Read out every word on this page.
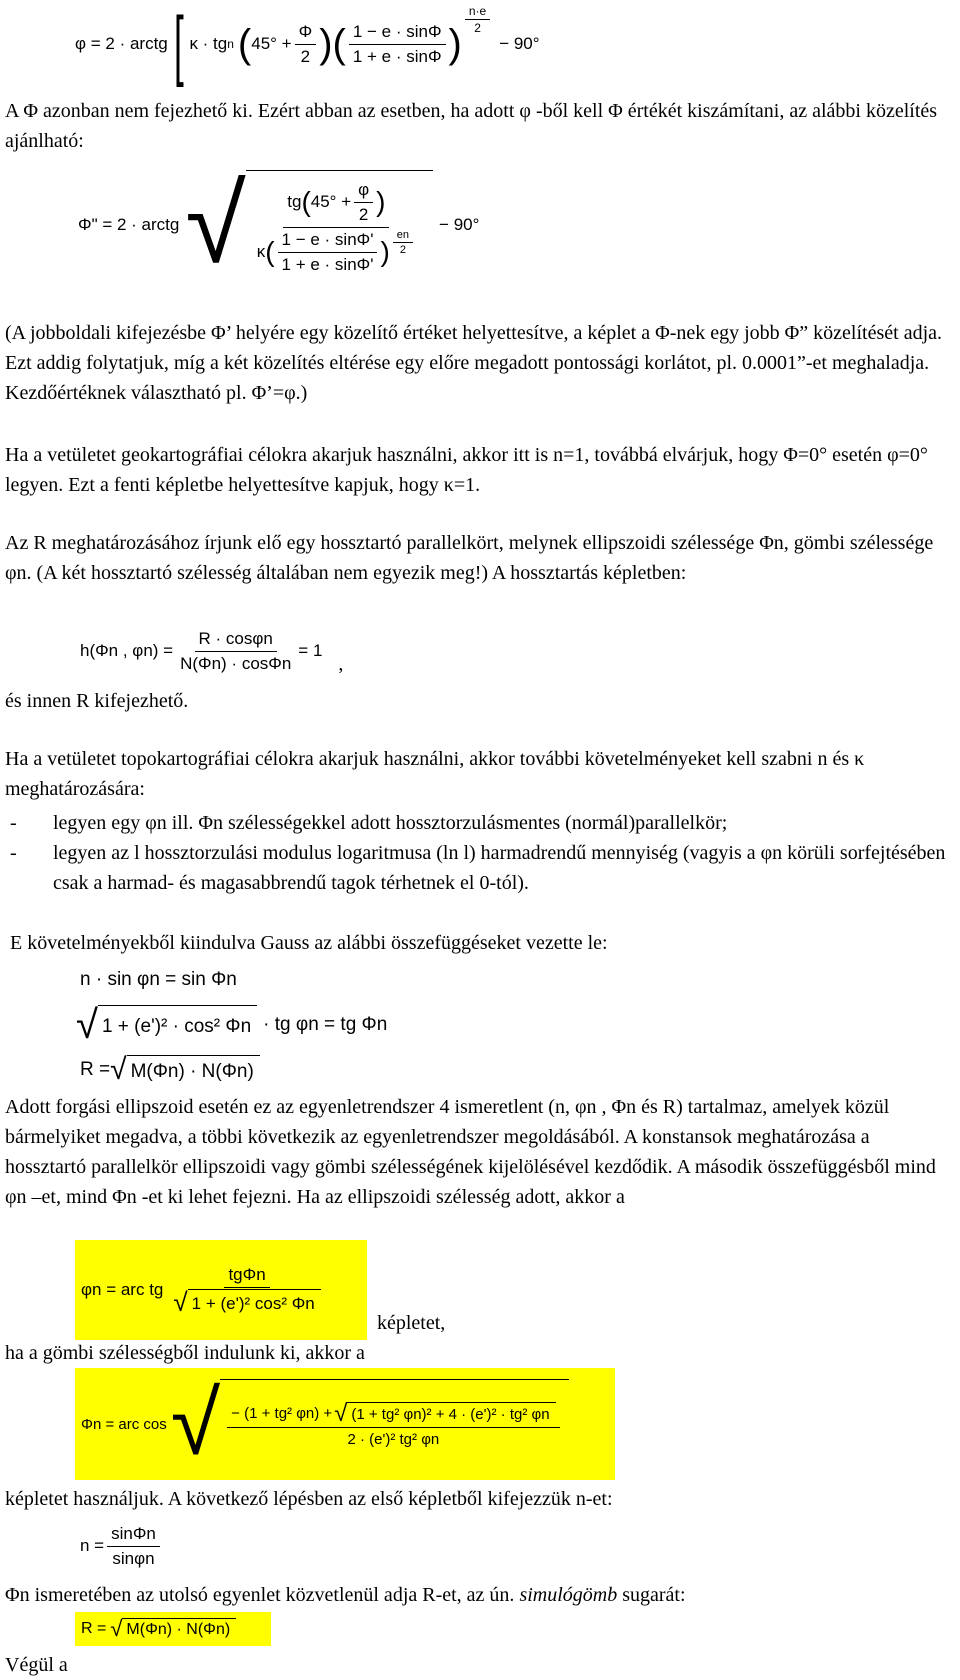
φ = 2 · arctg [ κ · tg n ( $45^\circ + \frac{\Phi}{2}$ ) ( $\frac{1 - e \cdot \sin\Phi}{1 + e \cdot \sin\Phi}$ )
$\frac{n\cdot e}{2}$
− 90°
A Φ azonban nem fejezhető ki. Ezért abban az esetben, ha adott φ -ből kell Φ értékét kiszámítani, az alábbi közelítés ajánlható:
Φ" = 2 · arctg √ tg ( $45^\circ + \frac{\varphi}{2}$ )
κ ( $\frac{1 - e \cdot \sin\Phi'}{1 + e \cdot \sin\Phi'}$ ) $\frac{en}{2}$
− 90°
(A jobboldali kifejezésbe Φ’ helyére egy közelítő értéket helyettesítve, a képlet a Φ-nek egy jobb Φ” közelítését adja. Ezt addig folytatjuk, míg a két közelítés eltérése egy előre megadott pontossági korlátot, pl. 0.0001”-et meghaladja. Kezdőértéknek választható pl. Φ’=φ.)
Ha a vetületet geokartográfiai célokra akarjuk használni, akkor itt is n=1, továbbá elvárjuk, hogy Φ=0° esetén φ=0° legyen. Ezt a fenti képletbe helyettesítve kapjuk, hogy κ=1.
Az R meghatározásához írjunk elő egy hossztartó parallelkört, melynek ellipszoidi szélessége Φn, gömbi szélessége φn. (A két hossztartó szélesség általában nem egyezik meg!) A hossztartás képletben:
h(Φn , $\varphi n) = \frac{R \cdot \cos\varphi n}{N(\Phi n) \cdot \cos\Phi n} = 1$
,
és innen R kifejezhető.
Ha a vetületet topokartográfiai célokra akarjuk használni, akkor további követelményeket kell szabni n és κ meghatározására:
- legyen egy φn ill. Φn szélességekkel adott hossztorzulásmentes (normál)parallelkör;
- legyen az l hossztorzulási modulus logaritmusa (ln l) harmadrendű mennyiség (vagyis a φn körüli sorfejtésében csak a harmad- és magasabbrendű tagok térhetnek el 0-tól).
E követelményekből kiindulva Gauss az alábbi összefüggéseket vezette le:
n · sin φn = sin Φn
√ 1 + (e')² · cos² Φn · tg φn = tg Φn
R = √ M(Φn) · N(Φn)
Adott forgási ellipszoid esetén ez az egyenletrendszer 4 ismeretlent (n, φn , Φn és R) tartalmaz, amelyek közül bármelyiket megadva, a többi következik az egyenletrendszer megoldásából. A konstansok meghatározása a hossztartó parallelkör ellipszoidi vagy gömbi szélességének kijelölésével kezdődik. A második összefüggésből mind φn –et, mind Φn -et ki lehet fejezni. Ha az ellipszoidi szélesség adott, akkor a
φn = arc tg $\frac{\text{tgΦn}}{\text{√ 1 + (e')² cos² Φn}}$
képletet,
ha a gömbi szélességből indulunk ki, akkor a
Φn = arc cos √ − (1 + tg² φn) + √ (1 + tg² φn)² + 4 · (e')² · tg² φn
2 · (e')² tg² φn
képletet használjuk. A következő lépésben az első képletből kifejezzük n-et:
$n = \frac{\sin\Phi n}{\sin\varphi n}$
Φn ismeretében az utolsó egyenlet közvetlenül adja R-et, az ún. simulógömb sugarát:
R = √ M(Φn) · N(Φn)
Végül a
